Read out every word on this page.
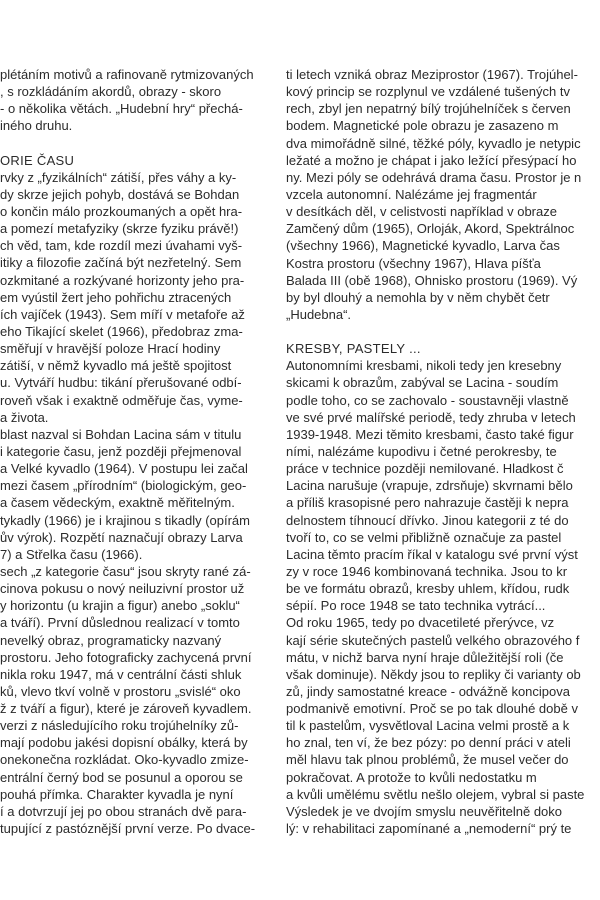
plétáním motivů a rafinovaně rytmizovaných
, s rozkládáním akordů, obrazy - skoro
- o několika větách. „Hudební hry“ přechá-
iného druhu.
ORIE ČASU
rvky z „fyzikálních“ zátiší, přes váhy a ky-
dy skrze jejich pohyb, dostává se Bohdan
o končin málo prozkoumaných a opět hra-
a pomezí metafyziky (skrze fyziku právě!)
ch věd, tam, kde rozdíl mezi úvahami vyš-
itiky a filozofie začíná být nezřetelný. Sem
ozkmitané a rozkývané horizonty jeho pra-
em vyústil žert jeho pohřichu ztracených
ích vajíček (1943). Sem míří v metafoře až
eho Tikající skelet (1966), předobraz zma-
směřují v hravější poloze Hrací hodiny
zátiší, v němž kyvadlo má ještě spojitost
u. Vytváří hudbu: tikání přerušované odbí-
roveň však i exaktně odměřuje čas, vyme-
a života.
blast nazval si Bohdan Lacina sám v titulu
i kategorie času, jenž později přejmenoval
a Velké kyvadlo (1964). V postupu lei začal
mezi časem „přírodním“ (biologickým, geo-
a časem vědeckým, exaktně měřitelným.
tykadly (1966) je i krajinou s tikadly (opírám
ův výrok). Rozpětí naznačují obrazy Larva
7) a Střelka času (1966).
sech „z kategorie času“ jsou skryty rané zá-
cinova pokusu o nový neiluzivní prostor už
y horizontu (u krajin a figur) anebo „soklu“
a tváří). První důslednou realizací v tomto
nevelký obraz, programaticky nazvaný
prostoru. Jeho fotograficky zachycená první
nikla roku 1947, má v centrální části shluk
ků, vlevo tkví volně v prostoru „svislé“ oko
ž z tváří a figur), které je zároveň kyvadlem.
verzi z následujícího roku trojúhelníky zů-
mají podobu jakési dopisní obálky, která by
onekonečna rozkládat. Oko-kyvadlo zmize-
entrální černý bod se posunul a oporou se
pouhá přímka. Charakter kyvadla je nyní
í a dotvrzují jej po obou stranách dvě para-
tupující z pastóznější první verze. Po dvace-
ti letech vzniká obraz Meziprostor (1967). Trojúhel-
kový princip se rozplynul ve vzdálené tušených tv
rech, zbyl jen nepatrný bílý trojúhelníček s červen
bodem. Magnetické pole obrazu je zasazeno m
dva mimořádně silné, těžké póly, kyvadlo je netypic
ležaté a možno je chápat i jako ležící přesýpací ho
ny. Mezi póly se odehrává drama času. Prostor je n
vzcela autonomní. Nalézáme jej fragmentár
v desítkách děl, v celistvosti například v obraze
Zamčený dům (1965), Orloják, Akord, Spektrálnoc
(všechny 1966), Magnetické kyvadlo, Larva čas
Kostra prostoru (všechny 1967), Hlava píšťa
Balada III (obě 1968), Ohnisko prostoru (1969). Vý
by byl dlouhý a nemohla by v něm chybět četr
„Hudebna“.
KRESBY, PASTELY ...
Autonomními kresbami, nikoli tedy jen kresebny
skicami k obrazům, zabýval se Lacina - soudím
podle toho, co se zachovalo - soustavněji vlastně
ve své prvé malířské periodě, tedy zhruba v letech
1939-1948. Mezi těmito kresbami, často také figur
ními, nalézáme kupodivu i četné perokresby, te
práce v technice později nemilované. Hladkost č
Lacina narušuje (vrapuje, zdrsňuje) skvrnami bělo
a příliš krasopisné pero nahrazuje častěji k nepra
delnostem tíhnoucí dřívko. Jinou kategorii z té do
tvoří to, co se velmi přibližně označuje za pastel
Lacina těmto pracím říkal v katalogu své první výst
zy v roce 1946 kombinovaná technika. Jsou to kr
be ve formátu obrazů, kresby uhlem, křídou, rudk
sépií. Po roce 1948 se tato technika vytrácí...
Od roku 1965, tedy po dvacetileté přerývce, vz
kají série skutečných pastelů velkého obrazového f
mátu, v nichž barva nyní hraje důležitější roli (če
však dominuje). Někdy jsou to repliky či varianty ob
zů, jindy samostatné kreace - odvážně koncipova
podmanivě emotivní. Proč se po tak dlouhé době v
til k pastelům, vysvětloval Lacina velmi prostě a k
ho znal, ten ví, že bez pózy: po denní práci v ateli
měl hlavu tak plnou problémů, že musel večer do
pokračovat. A protože to kvůli nedostatku m
a kvůli umělému světlu nešlo olejem, vybral si paste
Výsledek je ve dvojím smyslu neuvěřitelně doko
lý: v rehabilitaci zapomínané a „nemoderní“ prý te
